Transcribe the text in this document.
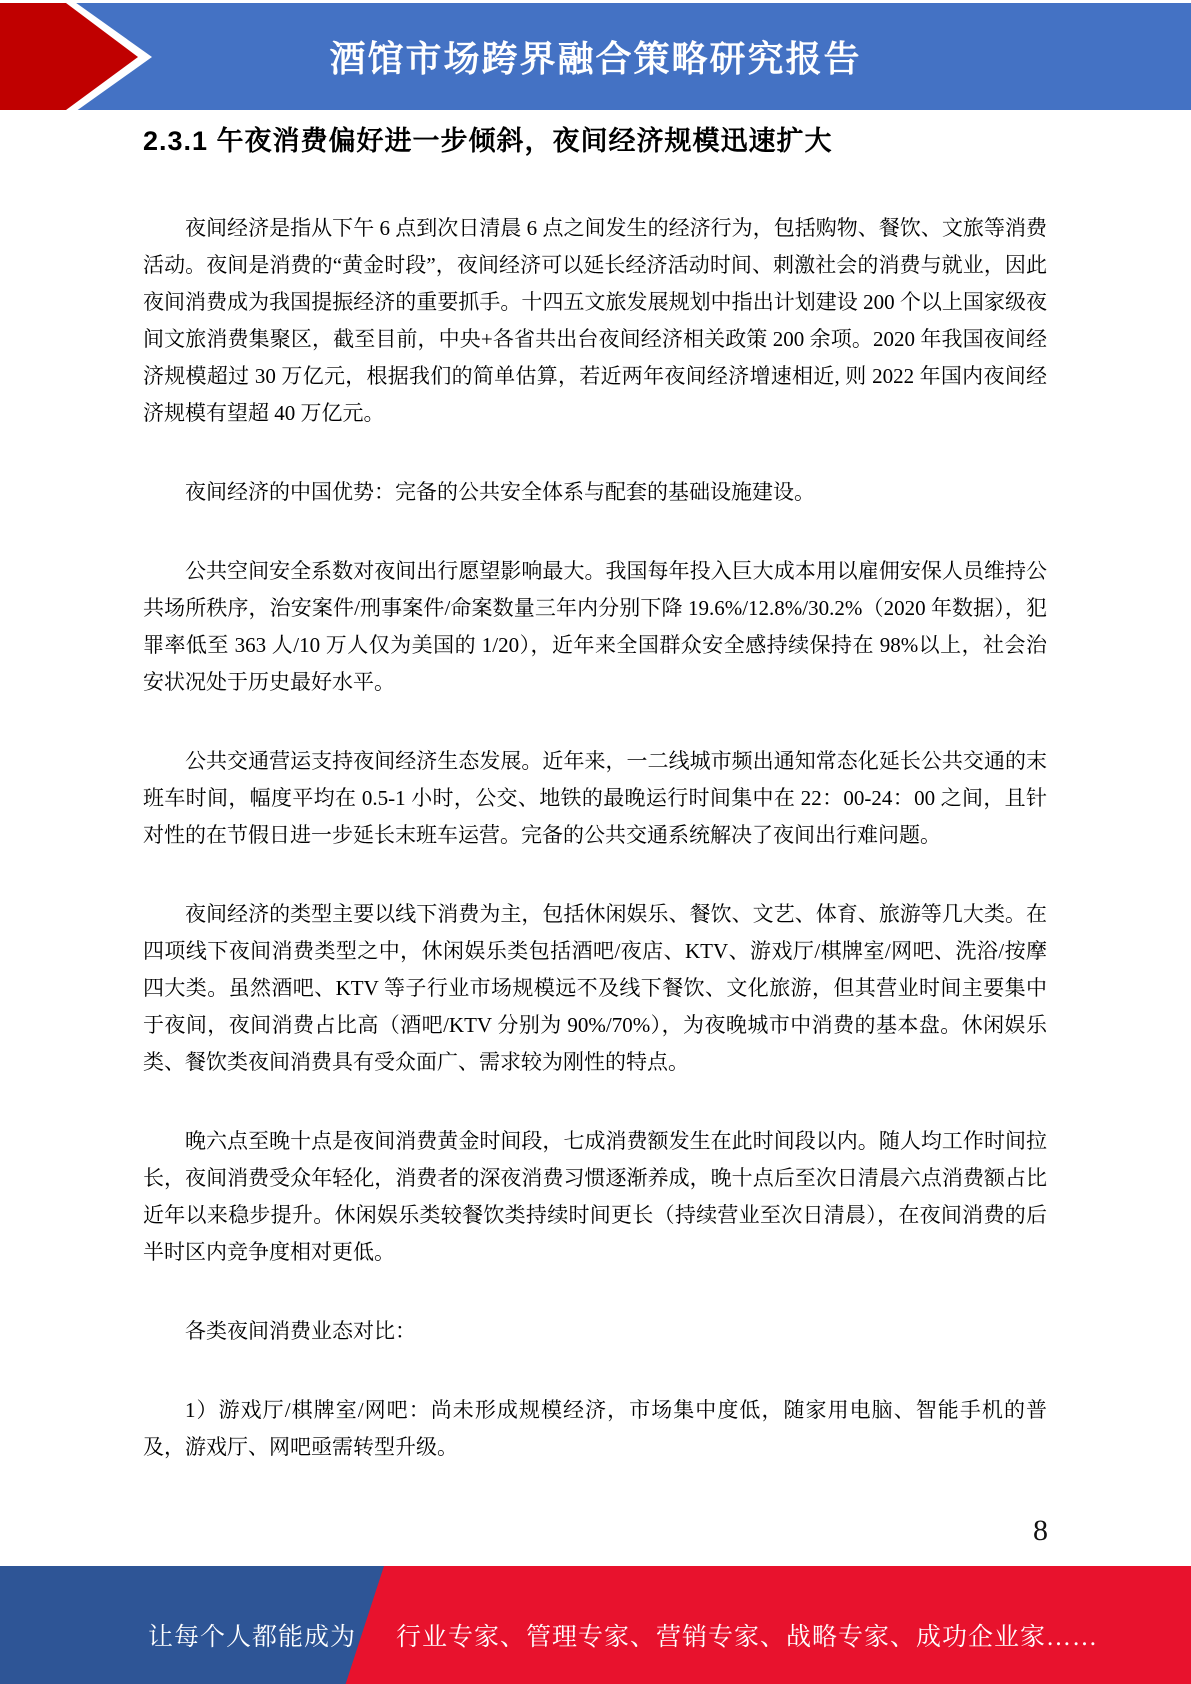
酒馆市场跨界融合策略研究报告
2.3.1 午夜消费偏好进一步倾斜，夜间经济规模迅速扩大

夜间经济是指从下午 6 点到次日清晨 6 点之间发生的经济行为，包括购物、餐饮、文旅等消费活动。夜间是消费的“黄金时段”，夜间经济可以延长经济活动时间、刺激社会的消费与就业，因此夜间消费成为我国提振经济的重要抓手。十四五文旅发展规划中指出计划建设 200 个以上国家级夜间文旅消费集聚区，截至目前，中央+各省共出台夜间经济相关政策 200 余项。2020 年我国夜间经济规模超过 30 万亿元，根据我们的简单估算，若近两年夜间经济增速相近, 则 2022 年国内夜间经济规模有望超 40 万亿元。

夜间经济的中国优势：完备的公共安全体系与配套的基础设施建设。

公共空间安全系数对夜间出行愿望影响最大。我国每年投入巨大成本用以雇佣安保人员维持公共场所秩序，治安案件/刑事案件/命案数量三年内分别下降 19.6%/12.8%/30.2%（2020 年数据），犯罪率低至 363 人/10 万人仅为美国的 1/20），近年来全国群众安全感持续保持在 98%以上，社会治安状况处于历史最好水平。

公共交通营运支持夜间经济生态发展。近年来，一二线城市频出通知常态化延长公共交通的末班车时间，幅度平均在 0.5-1 小时，公交、地铁的最晚运行时间集中在 22：00-24：00 之间，且针对性的在节假日进一步延长末班车运营。完备的公共交通系统解决了夜间出行难问题。

夜间经济的类型主要以线下消费为主，包括休闲娱乐、餐饮、文艺、体育、旅游等几大类。在四项线下夜间消费类型之中，休闲娱乐类包括酒吧/夜店、KTV、游戏厅/棋牌室/网吧、洗浴/按摩四大类。虽然酒吧、KTV 等子行业市场规模远不及线下餐饮、文化旅游，但其营业时间主要集中于夜间，夜间消费占比高（酒吧/KTV 分别为 90%/70%），为夜晚城市中消费的基本盘。休闲娱乐类、餐饮类夜间消费具有受众面广、需求较为刚性的特点。

晚六点至晚十点是夜间消费黄金时间段，七成消费额发生在此时间段以内。随人均工作时间拉长，夜间消费受众年轻化，消费者的深夜消费习惯逐渐养成，晚十点后至次日清晨六点消费额占比近年以来稳步提升。休闲娱乐类较餐饮类持续时间更长（持续营业至次日清晨），在夜间消费的后半时区内竞争度相对更低。

各类夜间消费业态对比：

1）游戏厅/棋牌室/网吧：尚未形成规模经济，市场集中度低，随家用电脑、智能手机的普及，游戏厅、网吧亟需转型升级。

8
让每个人都能成为 行业专家、管理专家、营销专家、战略专家、成功企业家……
